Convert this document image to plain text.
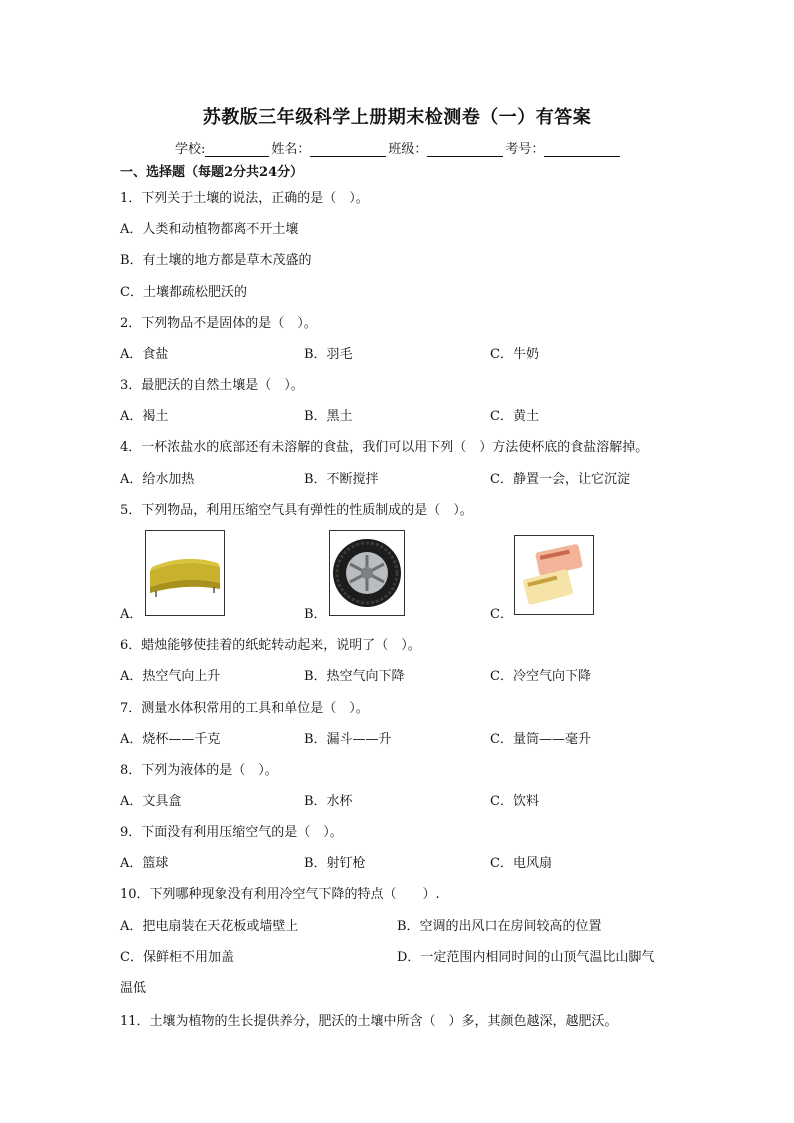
苏教版三年级科学上册期末检测卷（一）有答案
学校:	姓名：	班级：	考号：
一、选择题（每题2分共24分）
1．下列关于土壤的说法，正确的是（　）。
A．人类和动植物都离不开土壤
B．有土壤的地方都是草木茂盛的
C．土壤都疏松肥沃的
2．下列物品不是固体的是（　）。
A．食盐	B．羽毛	C．牛奶
3．最肥沃的自然土壤是（　）。
A．褐土	B．黑土	C．黄土
4．一杯浓盐水的底部还有未溶解的食盐，我们可以用下列（　）方法使杯底的食盐溶解掉。
A．给水加热	B．不断搅拌	C．静置一会，让它沉淀
5．下列物品，利用压缩空气具有弹性的性质制成的是（　）。
A．	B．	C．
6．蜡烛能够使挂着的纸蛇转动起来，说明了（　）。
A．热空气向上升	B．热空气向下降	C．冷空气向下降
7．测量水体积常用的工具和单位是（　）。
A．烧杯——千克	B．漏斗——升	C．量筒——毫升
8．下列为液体的是（　）。
A．文具盒	B．水杯	C．饮料
9．下面没有利用压缩空气的是（　）。
A．篮球	B．射钉枪	C．电风扇
10．下列哪种现象没有利用冷空气下降的特点（　　）.
A．把电扇装在天花板或墙壁上	B．空调的出风口在房间较高的位置
C．保鲜柜不用加盖	D．一定范围内相同时间的山顶气温比山脚气
温低
11．土壤为植物的生长提供养分，肥沃的土壤中所含（　）多，其颜色越深，越肥沃。
